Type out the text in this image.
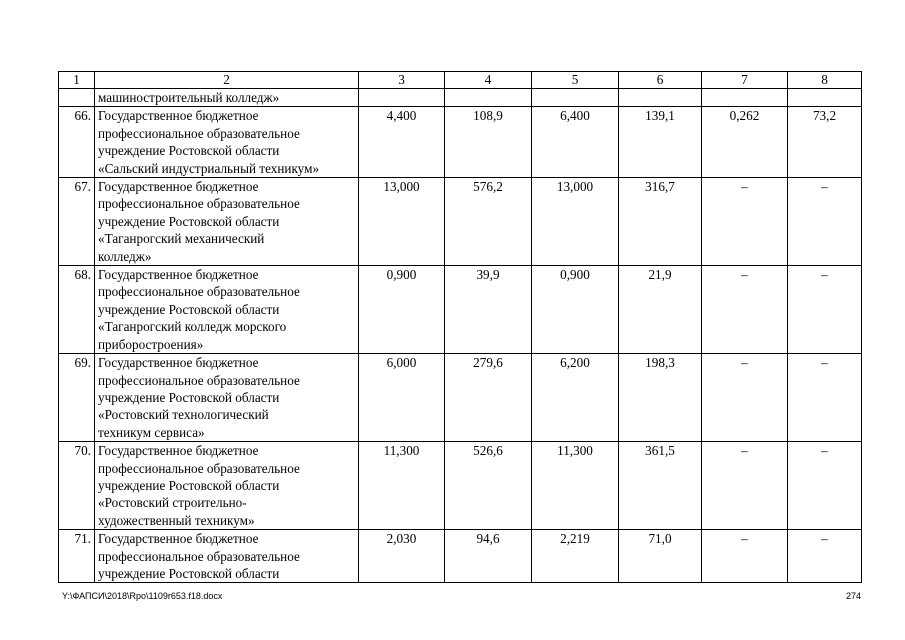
1	2	3	4	5	6	7	8
	машиностроительный колледж»						
66.	Государственное бюджетное
профессиональное образовательное
учреждение Ростовской области
«Сальский индустриальный техникум»	4,400	108,9	6,400	139,1	0,262	73,2
67.	Государственное бюджетное
профессиональное образовательное
учреждение Ростовской области
«Таганрогский механический
колледж»	13,000	576,2	13,000	316,7	–	–
68.	Государственное бюджетное
профессиональное образовательное
учреждение Ростовской области
«Таганрогский колледж морского
приборостроения»	0,900	39,9	0,900	21,9	–	–
69.	Государственное бюджетное
профессиональное образовательное
учреждение Ростовской области
«Ростовский технологический
техникум сервиса»	6,000	279,6	6,200	198,3	–	–
70.	Государственное бюджетное
профессиональное образовательное
учреждение Ростовской области
«Ростовский строительно-
художественный техникум»	11,300	526,6	11,300	361,5	–	–
71.	Государственное бюджетное
профессиональное образовательное
учреждение Ростовской области	2,030	94,6	2,219	71,0	–	–
Y:\ФАПСИ\2018\Rpo\1109r653.f18.docx	274
